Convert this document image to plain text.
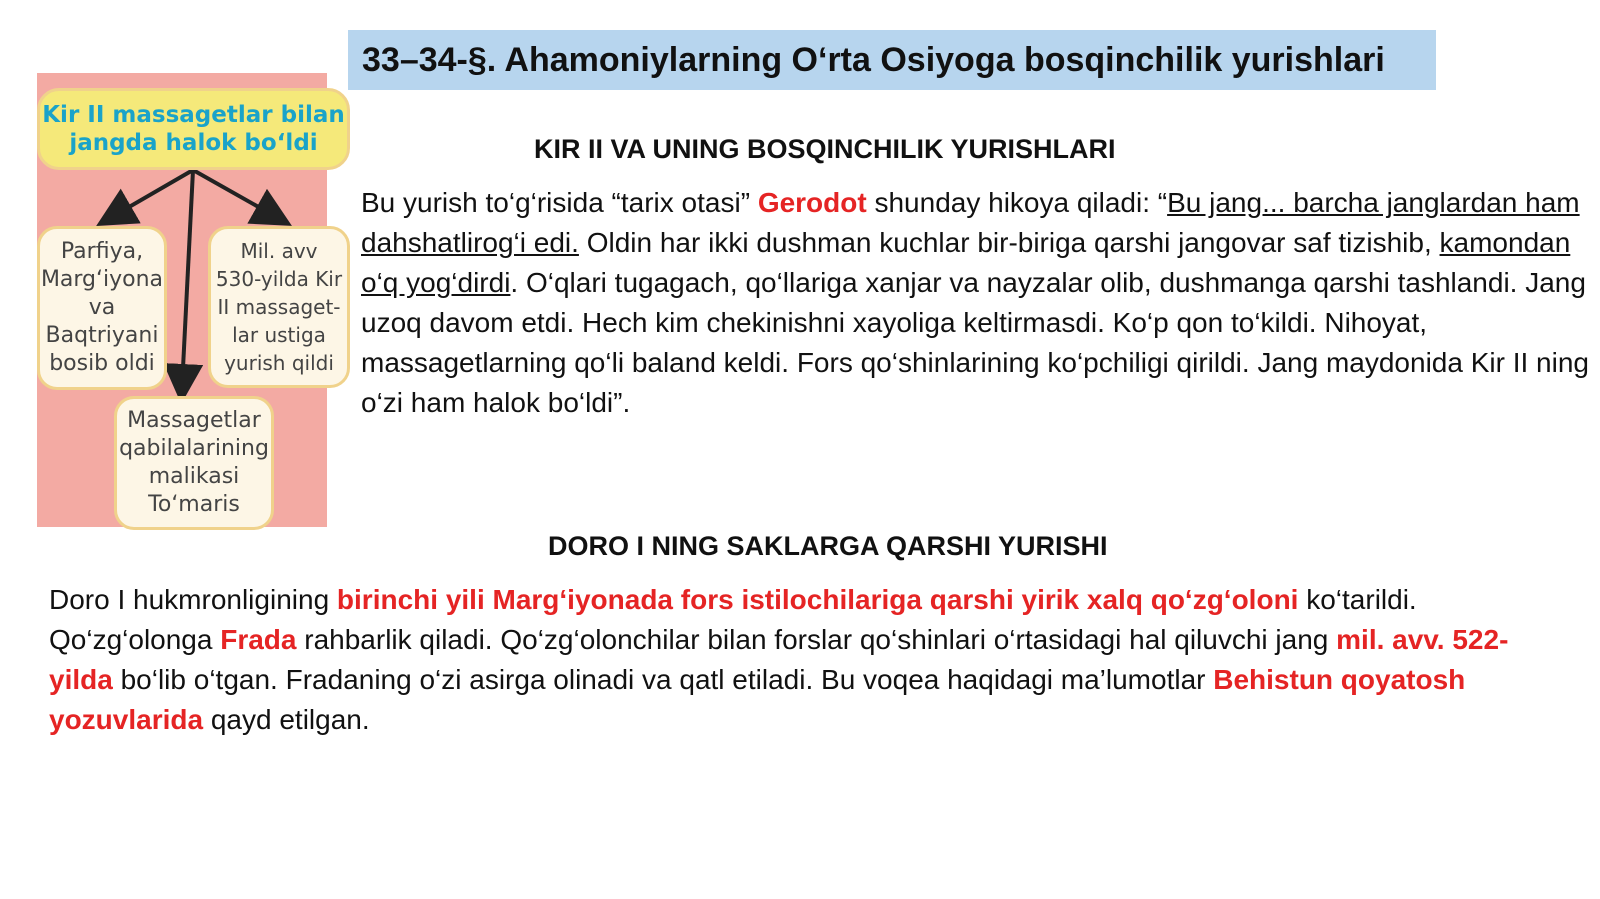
33–34-§. Ahamoniylarning O‘rta Osiyoga bosqinchilik yurishlari
Kir II massagetlar bilan
jangda halok bo‘ldi
Parfiya,
Marg‘iyona
va
Baqtriyani
bosib oldi
Mil. avv
530-yilda Kir
II massaget-
lar ustiga
yurish qildi
Massagetlar
qabilalarining
malikasi
To‘maris
KIR II VA UNING BOSQINCHILIK YURISHLARI

Bu yurish to‘g‘risida “tarix otasi” Gerodot shunday hikoya qiladi: “Bu jang... barcha janglardan ham dahshatlirog‘i edi. Oldin har ikki dushman kuchlar bir-biriga qarshi jangovar saf tizishib, kamondan o‘q yog‘dirdi. O‘qlari tugagach, qo‘llariga xanjar va nayzalar olib, dushmanga qarshi tashlandi. Jang uzoq davom etdi. Hech kim chekinishni xayoliga keltirmasdi. Ko‘p qon to‘kildi. Nihoyat, massagetlarning qo‘li baland keldi. Fors qo‘shinlarining ko‘pchiligi qirildi. Jang maydonida Kir II ning o‘zi ham halok bo‘ldi”.

DORO I NING SAKLARGA QARSHI YURISHI

Doro I hukmronligining birinchi yili Marg‘iyonada fors istilochilariga qarshi yirik xalq qo‘zg‘oloni ko‘tarildi. Qo‘zg‘olonga Frada rahbarlik qiladi. Qo‘zg‘olonchilar bilan forslar qo‘shinlari o‘rtasidagi hal qiluvchi jang mil. avv. 522-yilda bo‘lib o‘tgan. Fradaning o‘zi asirga olinadi va qatl etiladi. Bu voqea haqidagi ma’lumotlar Behistun qoyatosh yozuvlarida qayd etilgan.
